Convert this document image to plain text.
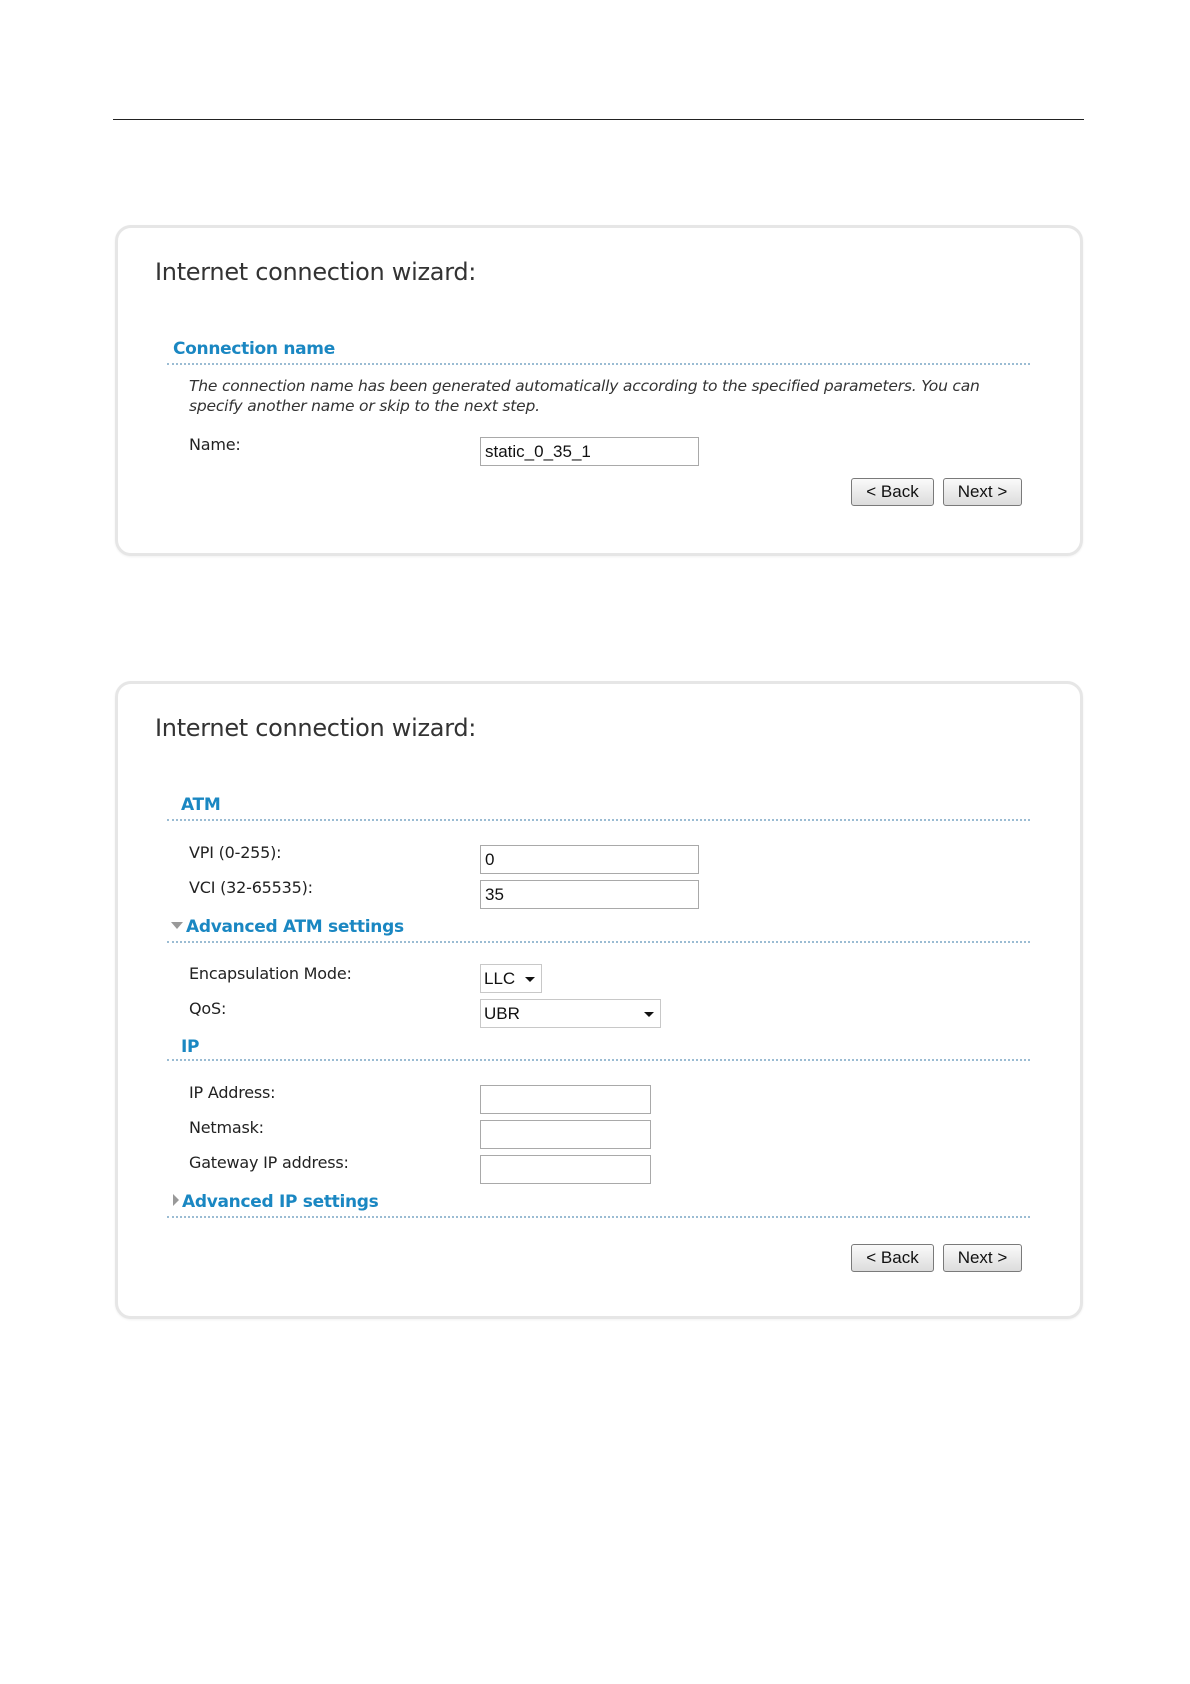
Internet connection wizard:
Connection name
The connection name has been generated automatically according to the specified parameters. You can specify another name or skip to the next step.
Name:
static_0_35_1
< Back	Next >
Internet connection wizard:
ATM
VPI (0-255):
0
VCI (32-65535):
35
Advanced ATM settings
Encapsulation Mode:	LLC
QoS:	UBR
IP
IP Address:
Netmask:
Gateway IP address:
Advanced IP settings
< Back	Next >
